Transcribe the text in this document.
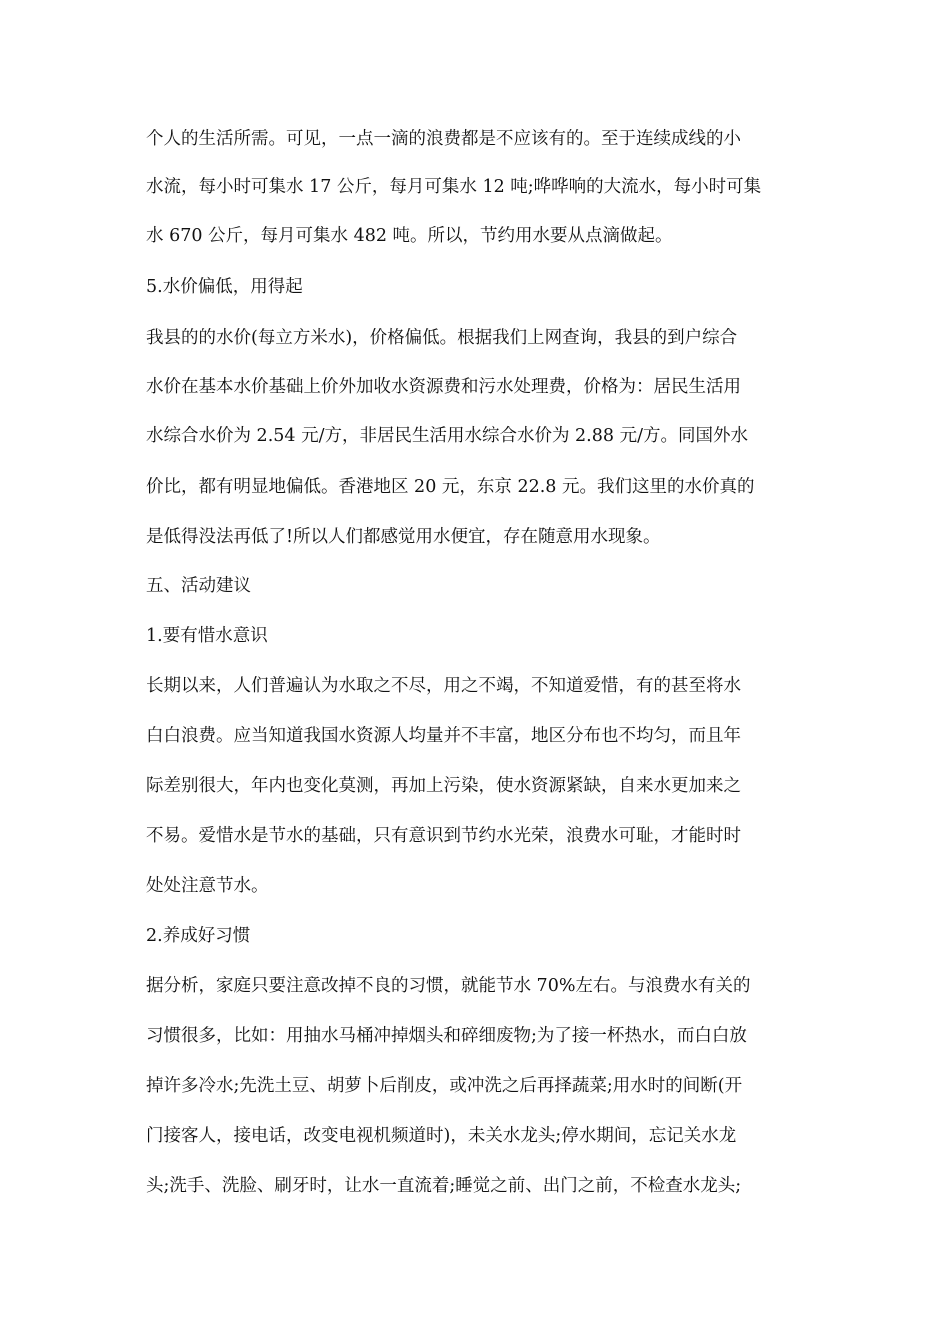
个人的生活所需。可见，一点一滴的浪费都是不应该有的。至于连续成线的小

水流，每小时可集水 17 公斤，每月可集水 12 吨;哗哗响的大流水，每小时可集

水 670 公斤，每月可集水 482 吨。所以，节约用水要从点滴做起。

5.水价偏低，用得起

我县的的水价(每立方米水)，价格偏低。根据我们上网查询，我县的到户综合

水价在基本水价基础上价外加收水资源费和污水处理费，价格为：居民生活用

水综合水价为 2.54 元/方，非居民生活用水综合水价为 2.88 元/方。同国外水

价比，都有明显地偏低。香港地区 20 元，东京 22.8 元。我们这里的水价真的

是低得没法再低了!所以人们都感觉用水便宜，存在随意用水现象。

五、活动建议

1.要有惜水意识

长期以来，人们普遍认为水取之不尽，用之不竭，不知道爱惜，有的甚至将水

白白浪费。应当知道我国水资源人均量并不丰富，地区分布也不均匀，而且年

际差别很大，年内也变化莫测，再加上污染，使水资源紧缺，自来水更加来之

不易。爱惜水是节水的基础，只有意识到节约水光荣，浪费水可耻，才能时时

处处注意节水。

2.养成好习惯

据分析，家庭只要注意改掉不良的习惯，就能节水 70%左右。与浪费水有关的

习惯很多，比如：用抽水马桶冲掉烟头和碎细废物;为了接一杯热水，而白白放

掉许多冷水;先洗土豆、胡萝卜后削皮，或冲洗之后再择蔬菜;用水时的间断(开

门接客人，接电话，改变电视机频道时)，未关水龙头;停水期间，忘记关水龙

头;洗手、洗脸、刷牙时，让水一直流着;睡觉之前、出门之前，不检查水龙头;
